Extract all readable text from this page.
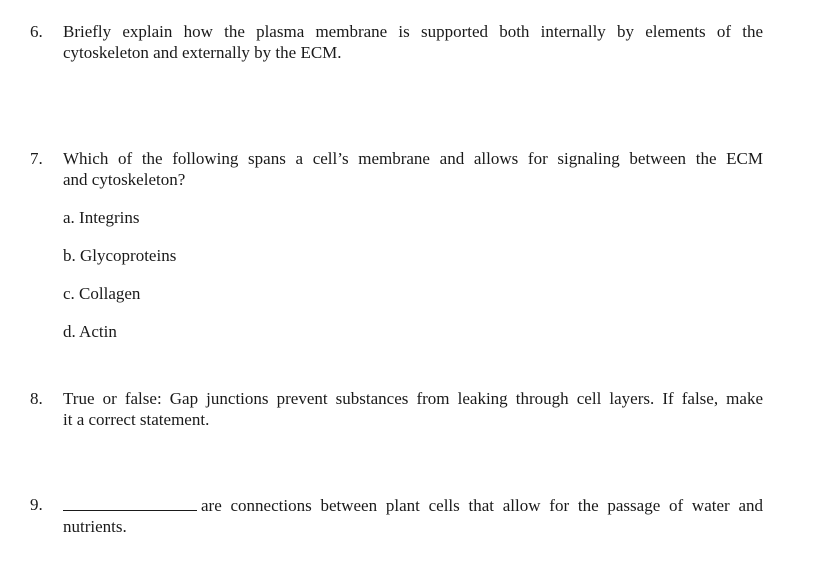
6. Briefly explain how the plasma membrane is supported both internally by elements of the
cytoskeleton and externally by the ECM.
7. Which of the following spans a cell’s membrane and allows for signaling between the ECM
and cytoskeleton?
a. Integrins
b. Glycoproteins
c. Collagen
d. Actin
8. True or false: Gap junctions prevent substances from leaking through cell layers. If false, make
it a correct statement.
9.	are connections between plant cells that allow for the passage of water and
nutrients.
